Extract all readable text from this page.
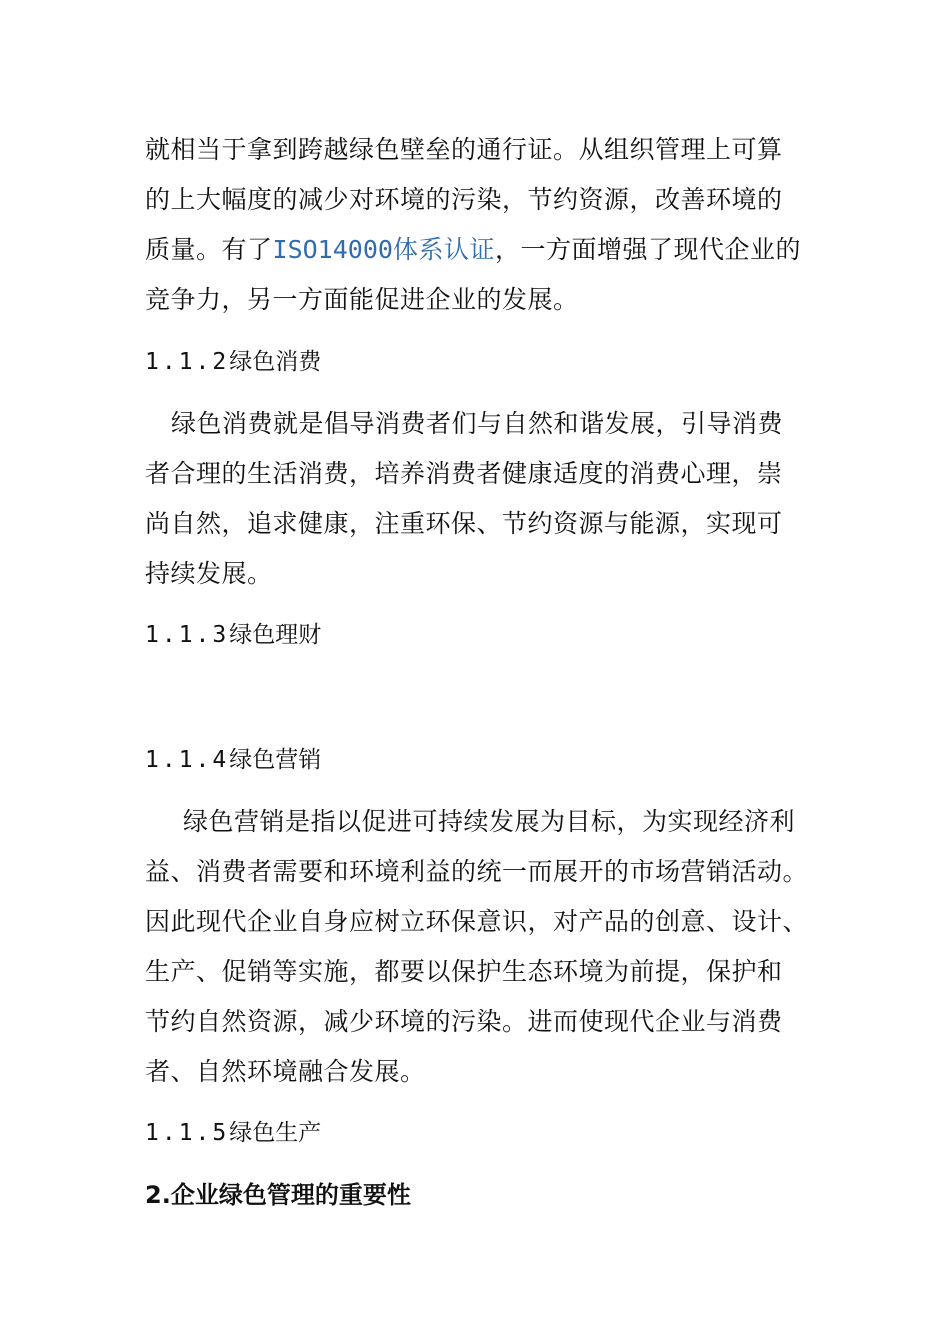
就相当于拿到跨越绿色壁垒的通行证。从组织管理上可算
的上大幅度的减少对环境的污染，节约资源，改善环境的
质量。有了ISO14000体系认证，一方面增强了现代企业的
竞争力，另一方面能促进企业的发展。
1.1.2绿色消费
绿色消费就是倡导消费者们与自然和谐发展，引导消费
者合理的生活消费，培养消费者健康适度的消费心理，崇
尚自然，追求健康，注重环保、节约资源与能源，实现可
持续发展。
1.1.3绿色理财
1.1.4绿色营销
绿色营销是指以促进可持续发展为目标，为实现经济利
益、消费者需要和环境利益的统一而展开的市场营销活动。
因此现代企业自身应树立环保意识，对产品的创意、设计、
生产、促销等实施，都要以保护生态环境为前提，保护和
节约自然资源，减少环境的污染。进而使现代企业与消费
者、自然环境融合发展。
1.1.5绿色生产
2.企业绿色管理的重要性
